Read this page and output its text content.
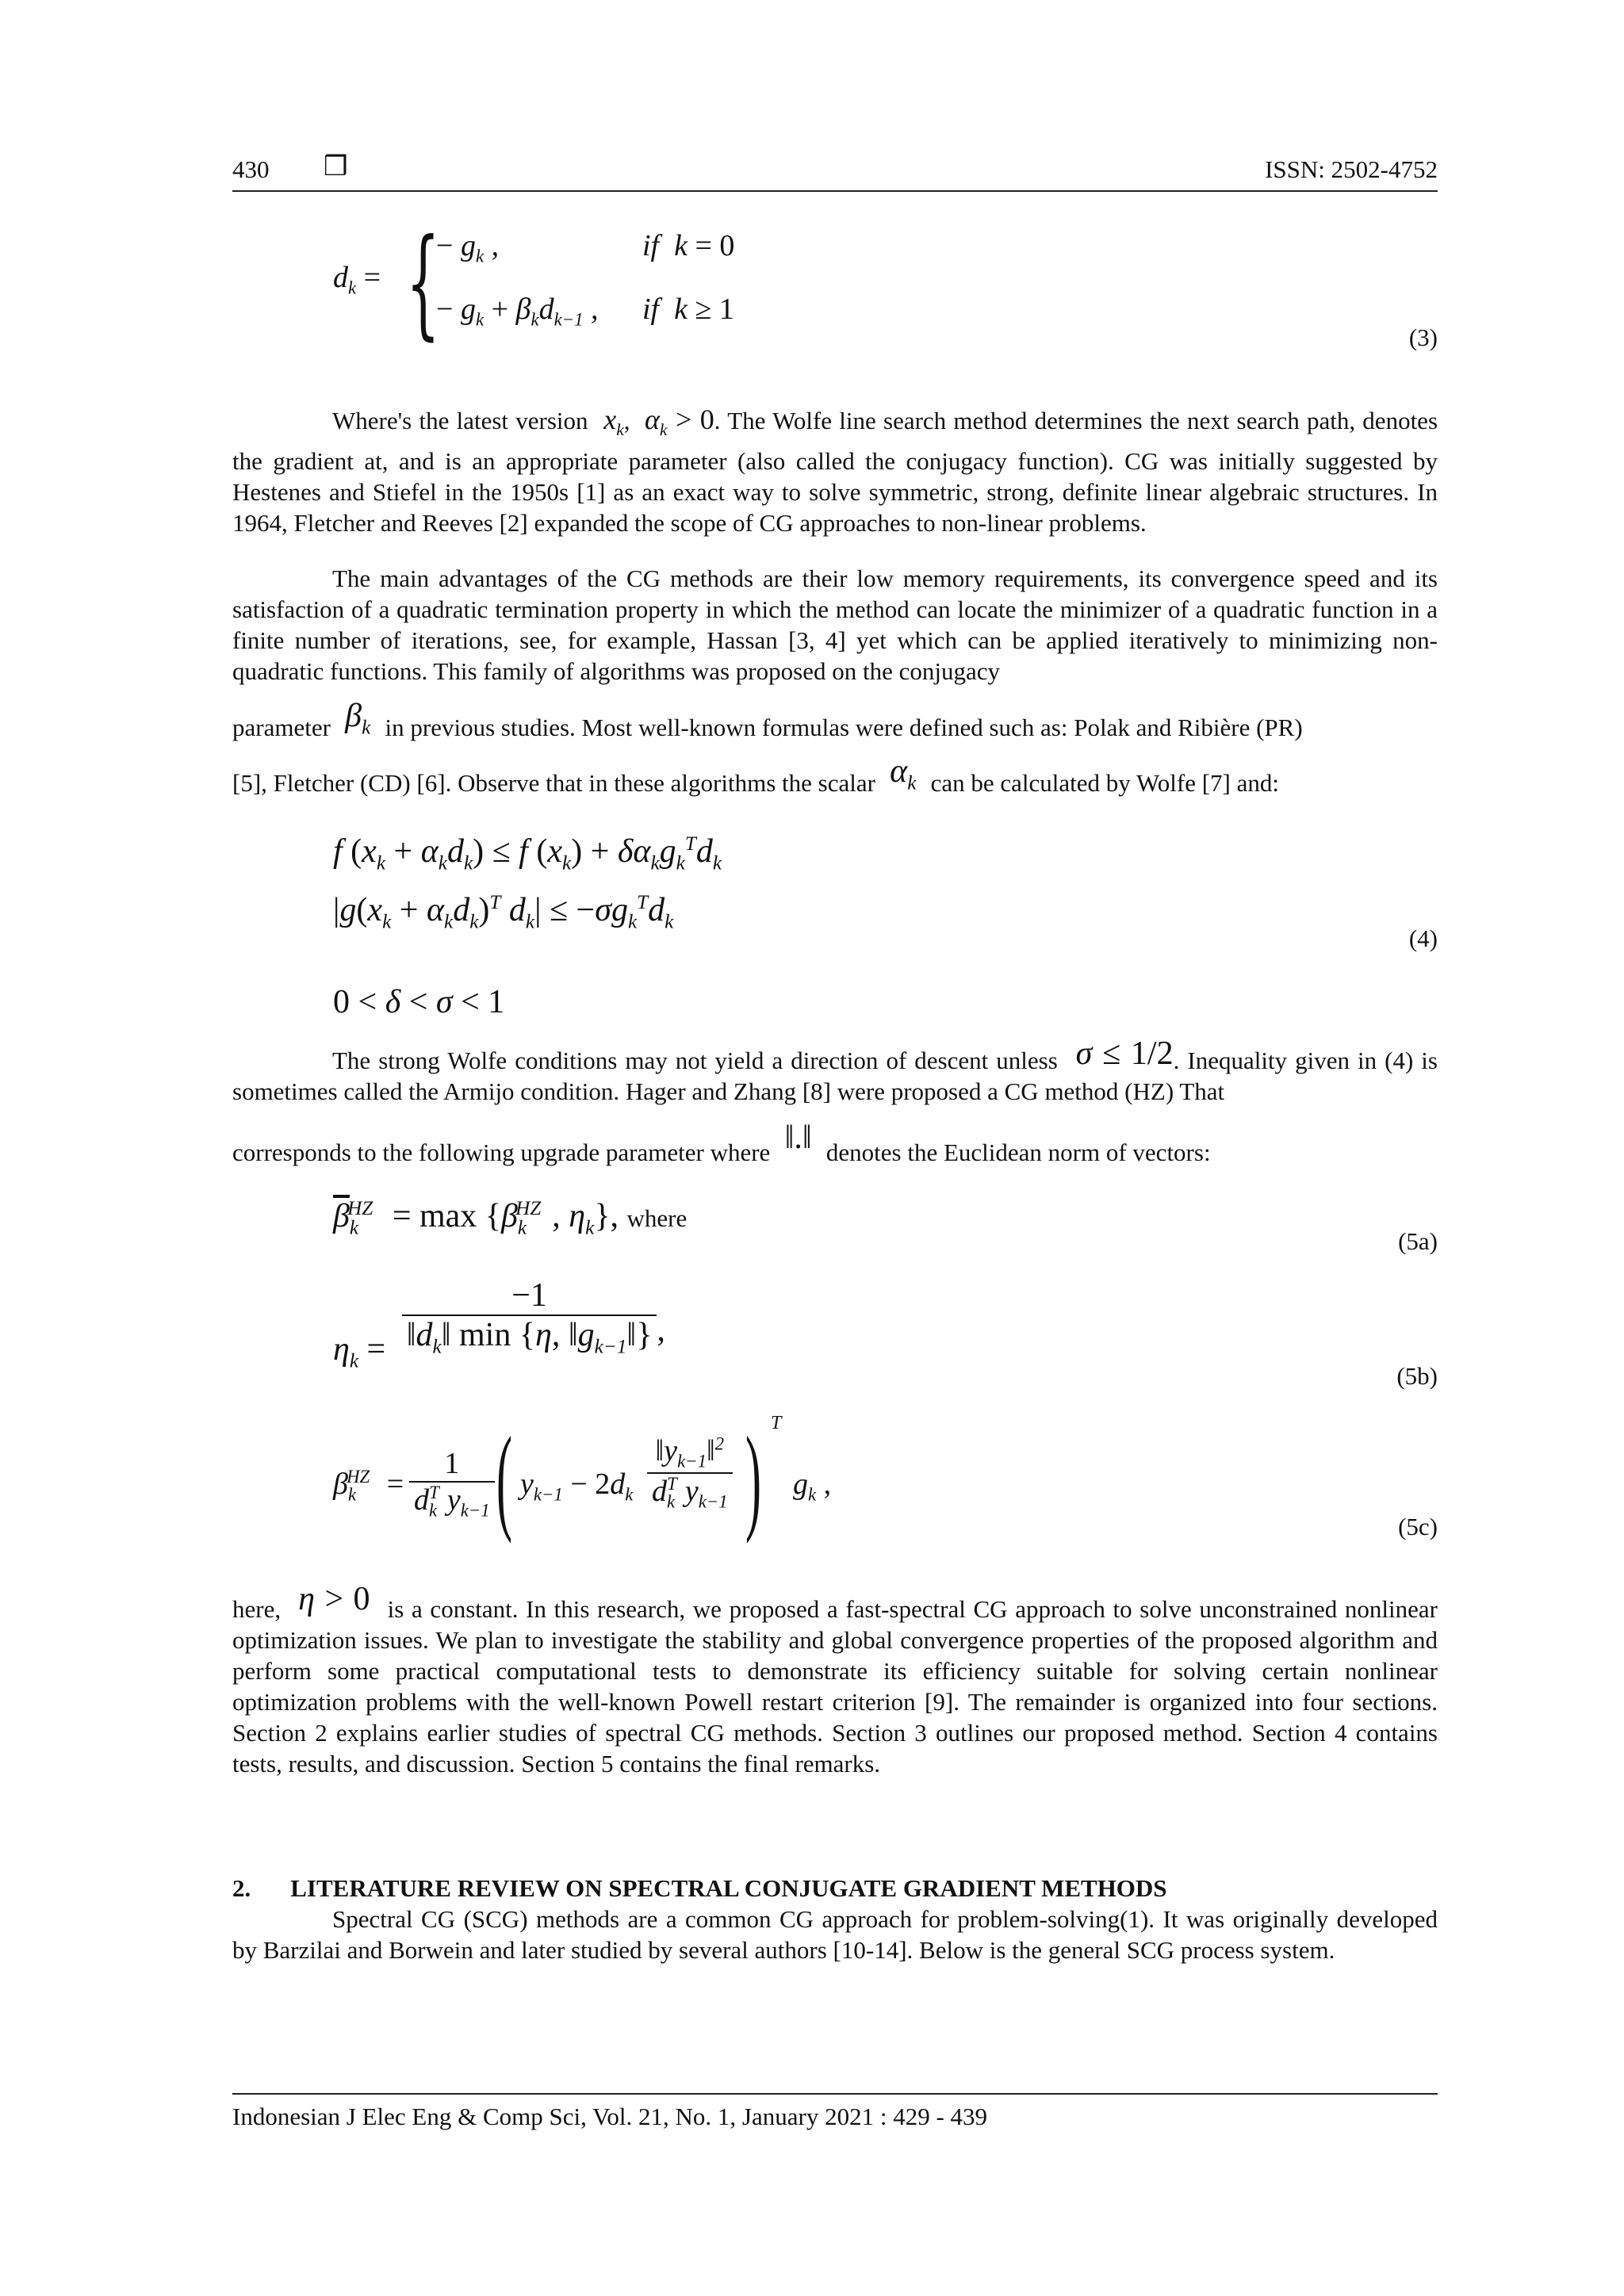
430 ❒	ISSN: 2502-4752
$d_k$ = {
− $g_k$ ,	if  k = 0
− $g_k + \beta_kd_{k-1}$ , if  k ≥ 1
(3)
Where's the latest version  $x_k$,  $\alpha_k > 0$. The Wolfe line search method determines the next search path, denotes the gradient at, and is an appropriate parameter (also called the conjugacy function). CG was initially suggested by Hestenes and Stiefel in the 1950s [1] as an exact way to solve symmetric, strong, definite linear algebraic structures. In 1964, Fletcher and Reeves [2] expanded the scope of CG approaches to non-linear problems.
The main advantages of the CG methods are their low memory requirements, its convergence speed and its satisfaction of a quadratic termination property in which the method can locate the minimizer of a quadratic function in a finite number of iterations, see, for example, Hassan [3, 4] yet which can be applied iteratively to minimizing non-quadratic functions. This family of algorithms was proposed on the conjugacy
parameter  $\beta_k$ in previous studies. Most well-known formulas were defined such as: Polak and Ribière (PR)
[5], Fletcher (CD) [6]. Observe that in these algorithms the scalar  $\alpha_k$ can be calculated by Wolfe [7] and:
f $(x_k + \alpha_kd_k) \le f$ $(x_k) + \delta\alpha_kg_k^Td_k$
$|g(x_k + \alpha_kd_k)^T$ $d_k| \le -\sigma g_k^Td_k$
0 < δ < σ < 1
(4)
The strong Wolfe conditions may not yield a direction of descent unless  σ ≤ 1/2. Inequality given in (4) is sometimes called the Armijo condition. Hager and Zhang [8] were proposed a CG method (HZ) That
corresponds to the following upgrade parameter where  ‖.‖  denotes the Euclidean norm of vectors:
$\overline{\beta}_k^{HZ} = \max \{\beta_k^{HZ}$ , $\eta_k$}, where
(5a)
$\eta_k = \frac{-1}{‖d_k‖ \min \{\eta, ‖g_{k-1}‖\}}$ ,
(5b)
$\beta_k^{HZ}$ =
1
$d_k^T$ $y_{k-1}$ ( $y_{k-1} - 2d_k$
$‖y_{k-1}‖^2$
$d_k^T$ $y_{k-1}$ ) T
$g_k$ ,
(5c)
here,  η > 0 is a constant. In this research, we proposed a fast-spectral CG approach to solve unconstrained nonlinear optimization issues. We plan to investigate the stability and global convergence properties of the proposed algorithm and perform some practical computational tests to demonstrate its efficiency suitable for solving certain nonlinear optimization problems with the well-known Powell restart criterion [9]. The remainder is organized into four sections. Section 2 explains earlier studies of spectral CG methods. Section 3 outlines our proposed method. Section 4 contains tests, results, and discussion. Section 5 contains the final remarks.
2. LITERATURE REVIEW ON SPECTRAL CONJUGATE GRADIENT METHODS
Spectral CG (SCG) methods are a common CG approach for problem-solving(1). It was originally developed by Barzilai and Borwein and later studied by several authors [10-14]. Below is the general SCG process system.
Indonesian J Elec Eng & Comp Sci, Vol. 21, No. 1, January 2021 : 429 - 439
